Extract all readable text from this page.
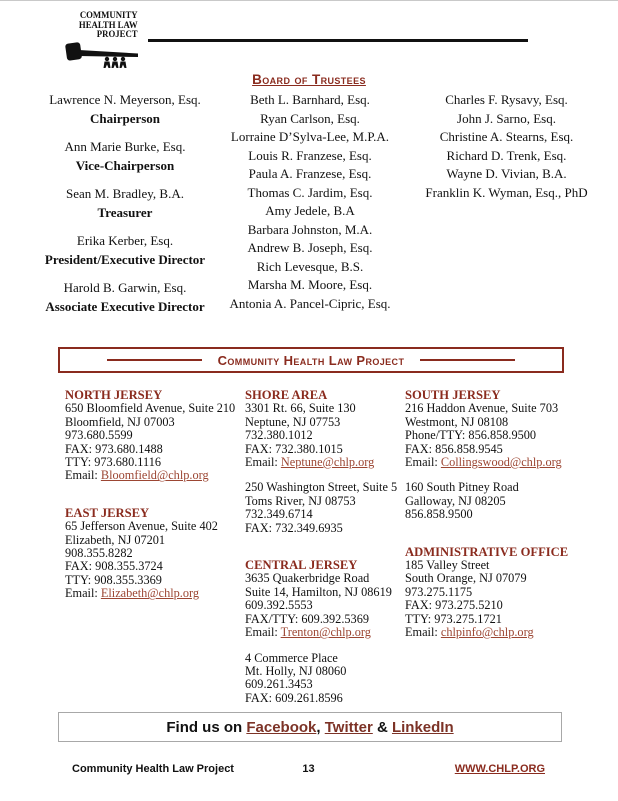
COMMUNITY
HEALTH LAW
PROJECT
Board of Trustees
Lawrence N. Meyerson, Esq.
Chairperson
Ann Marie Burke, Esq.
Vice-Chairperson
Sean M. Bradley, B.A.
Treasurer
Erika Kerber, Esq.
President/Executive Director
Harold B. Garwin, Esq.
Associate Executive Director
Beth L. Barnhard, Esq.
Ryan Carlson, Esq.
Lorraine D’Sylva-Lee, M.P.A.
Louis R. Franzese, Esq.
Paula A. Franzese, Esq.
Thomas C. Jardim, Esq.
Amy Jedele, B.A
Barbara Johnston, M.A.
Andrew B. Joseph, Esq.
Rich Levesque, B.S.
Marsha M. Moore, Esq.
Antonia A. Pancel-Cipric, Esq.
Charles F. Rysavy, Esq.
John J. Sarno, Esq.
Christine A. Stearns, Esq.
Richard D. Trenk, Esq.
Wayne D. Vivian, B.A.
Franklin K. Wyman, Esq., PhD
Community Health Law Project
NORTH JERSEY
650 Bloomfield Avenue, Suite 210
Bloomfield, NJ 07003
973.680.5599
FAX: 973.680.1488
TTY: 973.680.1116
Email: Bloomfield@chlp.org
EAST JERSEY
65 Jefferson Avenue, Suite 402
Elizabeth, NJ 07201
908.355.8282
FAX: 908.355.3724
TTY: 908.355.3369
Email: Elizabeth@chlp.org
SHORE AREA
3301 Rt. 66, Suite 130
Neptune, NJ 07753
732.380.1012
FAX: 732.380.1015
Email: Neptune@chlp.org
250 Washington Street, Suite 5
Toms River, NJ 08753
732.349.6714
FAX: 732.349.6935
CENTRAL JERSEY
3635 Quakerbridge Road
Suite 14, Hamilton, NJ 08619
609.392.5553
FAX/TTY: 609.392.5369
Email: Trenton@chlp.org
4 Commerce Place
Mt. Holly, NJ 08060
609.261.3453
FAX: 609.261.8596
SOUTH JERSEY
216 Haddon Avenue, Suite 703
Westmont, NJ 08108
Phone/TTY: 856.858.9500
FAX: 856.858.9545
Email: Collingswood@chlp.org
160 South Pitney Road
Galloway, NJ 08205
856.858.9500
ADMINISTRATIVE OFFICE
185 Valley Street
South Orange, NJ 07079
973.275.1175
FAX: 973.275.5210
TTY: 973.275.1721
Email: chlpinfo@chlp.org
Find us on Facebook , Twitter & LinkedIn
Community Health Law Project	13	WWW.CHLP.ORG
